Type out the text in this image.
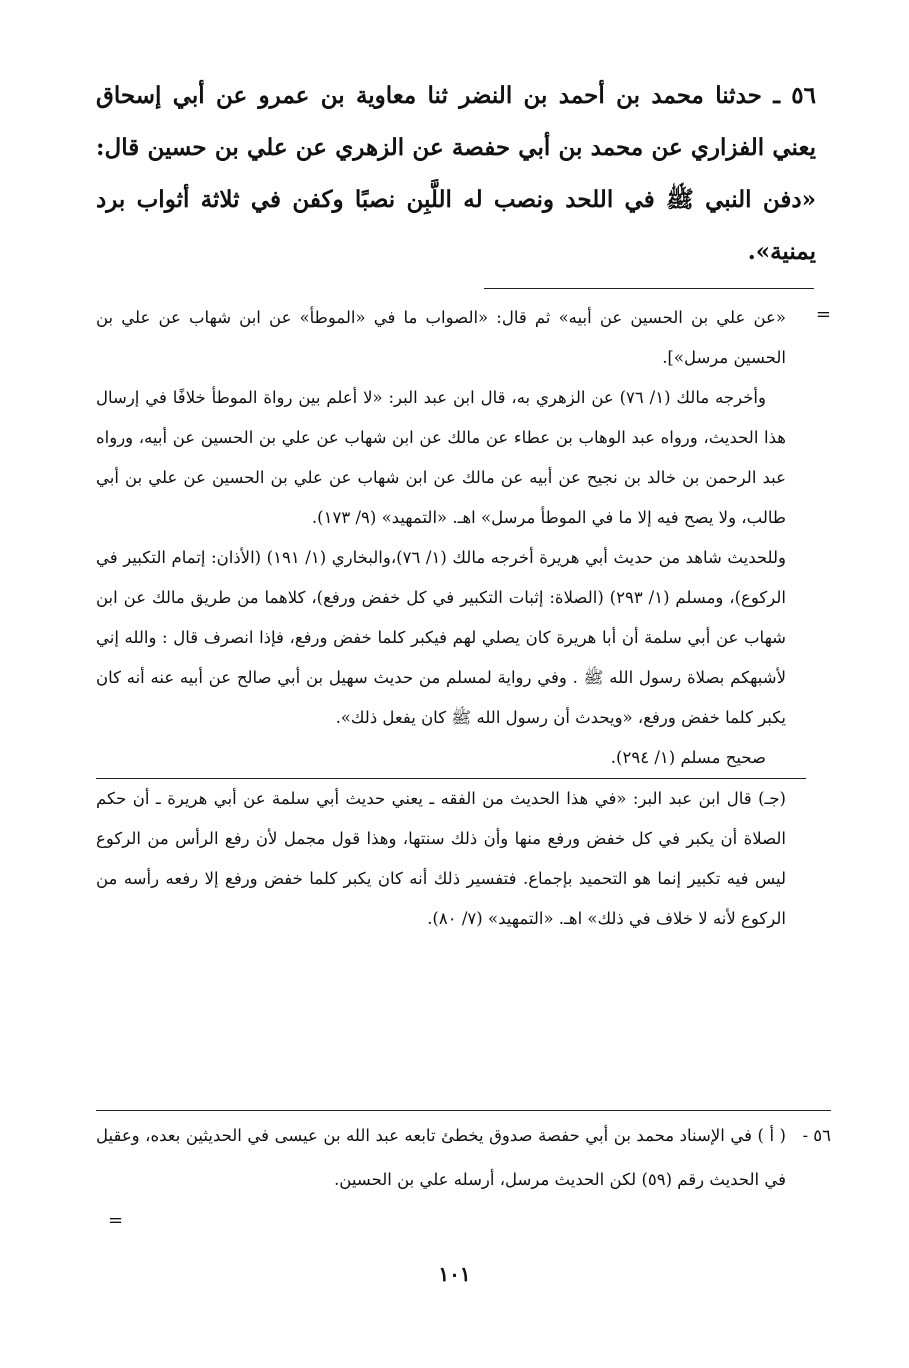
٥٦ ـ حدثنا محمد بن أحمد بن النضر ثنا معاوية بن عمرو عن أبي إسحاق يعني الفزاري عن محمد بن أبي حفصة عن الزهري عن علي بن حسين قال: «دفن النبي ﷺ في اللحد ونصب له اللَّبِن نصبًا وكفن في ثلاثة أثواب برد يمنية».
=

«عن علي بن الحسين عن أبيه» ثم قال: «الصواب ما في «الموطأ» عن ابن شهاب عن علي بن الحسين مرسل»].

وأخرجه مالك (١/ ٧٦) عن الزهري به، قال ابن عبد البر: «لا أعلم بين رواة الموطأ خلافًا في إرسال هذا الحديث، ورواه عبد الوهاب بن عطاء عن مالك عن ابن شهاب عن علي بن الحسين عن أبيه، ورواه عبد الرحمن بن خالد بن نجيح عن أبيه عن مالك عن ابن شهاب عن علي بن الحسين عن علي بن أبي طالب، ولا يصح فيه إلا ما في الموطأ مرسل» اهـ. «التمهيد» (٩/ ١٧٣).

وللحديث شاهد من حديث أبي هريرة أخرجه مالك (١/ ٧٦)،والبخاري (١/ ١٩١) (الأذان: إتمام التكبير في الركوع)، ومسلم (١/ ٢٩٣) (الصلاة: إثبات التكبير في كل خفض ورفع)، كلاهما من طريق مالك عن ابن شهاب عن أبي سلمة أن أبا هريرة كان يصلي لهم فيكبر كلما خفض ورفع، فإذا انصرف قال : والله إني لأشبهكم بصلاة رسول الله ﷺ . وفي رواية لمسلم من حديث سهيل بن أبي صالح عن أبيه عنه أنه كان يكبر كلما خفض ورفع، «ويحدث أن رسول الله ﷺ كان يفعل ذلك».

صحيح مسلم (١/ ٢٩٤).

(جـ) قال ابن عبد البر: «في هذا الحديث من الفقه ـ يعني حديث أبي سلمة عن أبي هريرة ـ أن حكم الصلاة أن يكبر في كل خفض ورفع منها وأن ذلك سنتها، وهذا قول مجمل لأن رفع الرأس من الركوع ليس فيه تكبير إنما هو التحميد بإجماع. فتفسير ذلك أنه كان يكبر كلما خفض ورفع إلا رفعه رأسه من الركوع لأنه لا خلاف في ذلك» اهـ. «التمهيد» (٧/ ٨٠).

٥٦ -
( أ ) في الإسناد محمد بن أبي حفصة صدوق يخطئ تابعه عبد الله بن عيسى في الحديثين بعده، وعقيل في الحديث رقم (٥٩) لكن الحديث مرسل، أرسله علي بن الحسين.
=
١٠١
